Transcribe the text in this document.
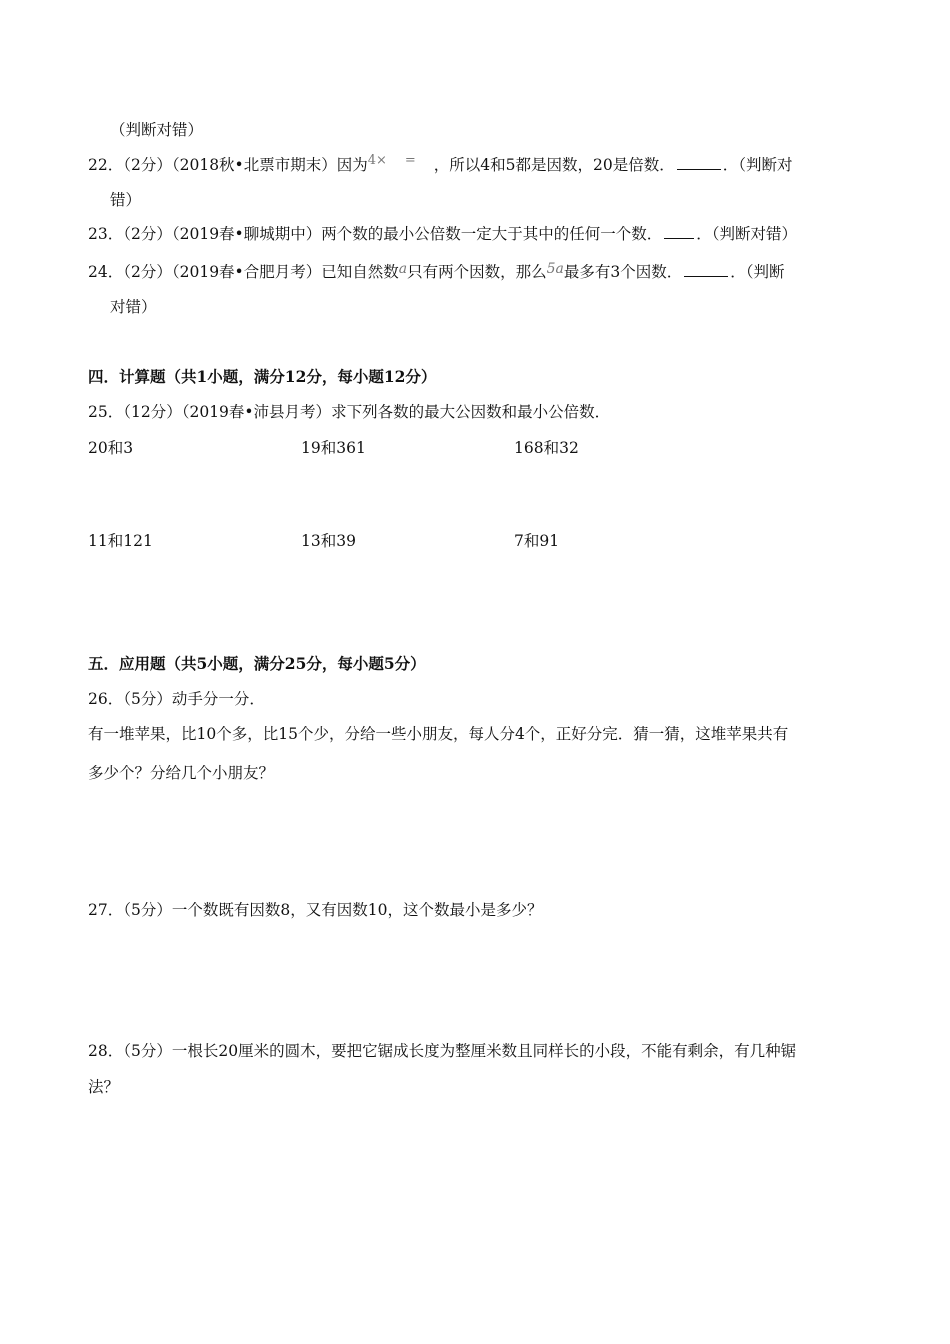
（判断对错）
22．（2分）（2018秋•北票市期末）因为$^{4\times}$ = ，所以4和5都是因数，20是倍数．	．（判断对
错）
23．（2分）（2019春•聊城期中）两个数的最小公倍数一定大于其中的任何一个数． ．（判断对错）
24．（2分）（2019春•合肥月考）已知自然数a只有两个因数，那么5a最多有3个因数．	．（判断
对错）
四．计算题（共1小题，满分12分，每小题12分）
25．（12分）（2019春•沛县月考）求下列各数的最大公因数和最小公倍数．
20和3	19和361	168和32
11和121	13和39	7和91
五．应用题（共5小题，满分25分，每小题5分）
26．（5分）动手分一分．
有一堆苹果，比10个多，比15个少，分给一些小朋友，每人分4个，正好分完．猜一猜，这堆苹果共有
多少个？分给几个小朋友？
27．（5分）一个数既有因数8，又有因数10，这个数最小是多少？
28．（5分）一根长20厘米的圆木，要把它锯成长度为整厘米数且同样长的小段，不能有剩余，有几种锯
法？
